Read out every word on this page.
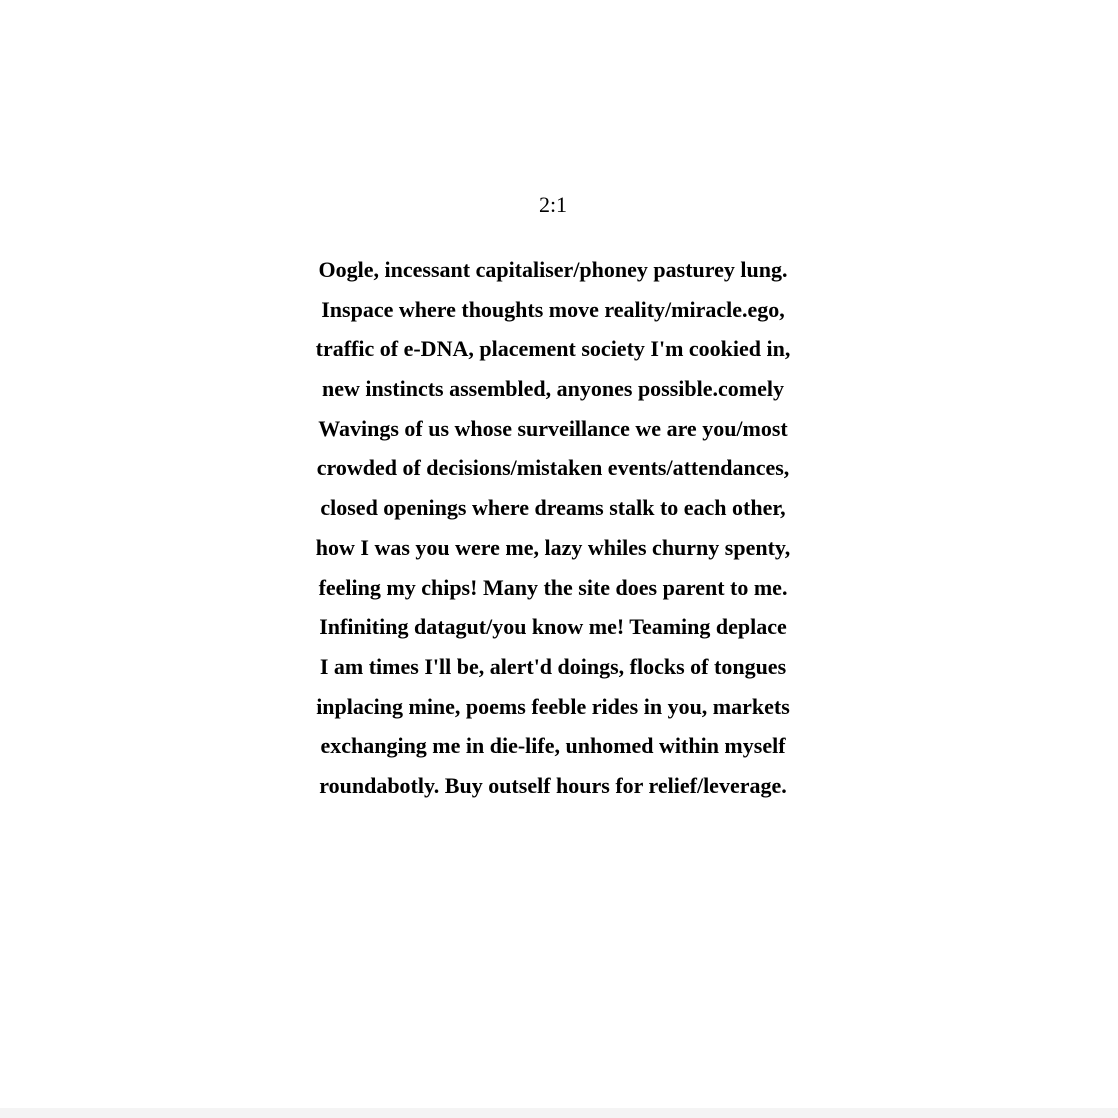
2:1
Oogle, incessant capitaliser/phoney pasturey lung.
Inspace where thoughts move reality/miracle.ego,
traffic of e-DNA, placement society I'm cookied in,
new instincts assembled, anyones possible.comely
Wavings of us whose surveillance we are you/most
crowded of decisions/mistaken events/attendances,
closed openings where dreams stalk to each other,
how I was you were me, lazy whiles churny spenty,
feeling my chips! Many the site does parent to me.
Infiniting datagut/you know me! Teaming deplace
I am times I'll be, alert'd doings, flocks of tongues
inplacing mine, poems feeble rides in you, markets
exchanging me in die-life, unhomed within myself
roundabotly. Buy outself hours for relief/leverage.
